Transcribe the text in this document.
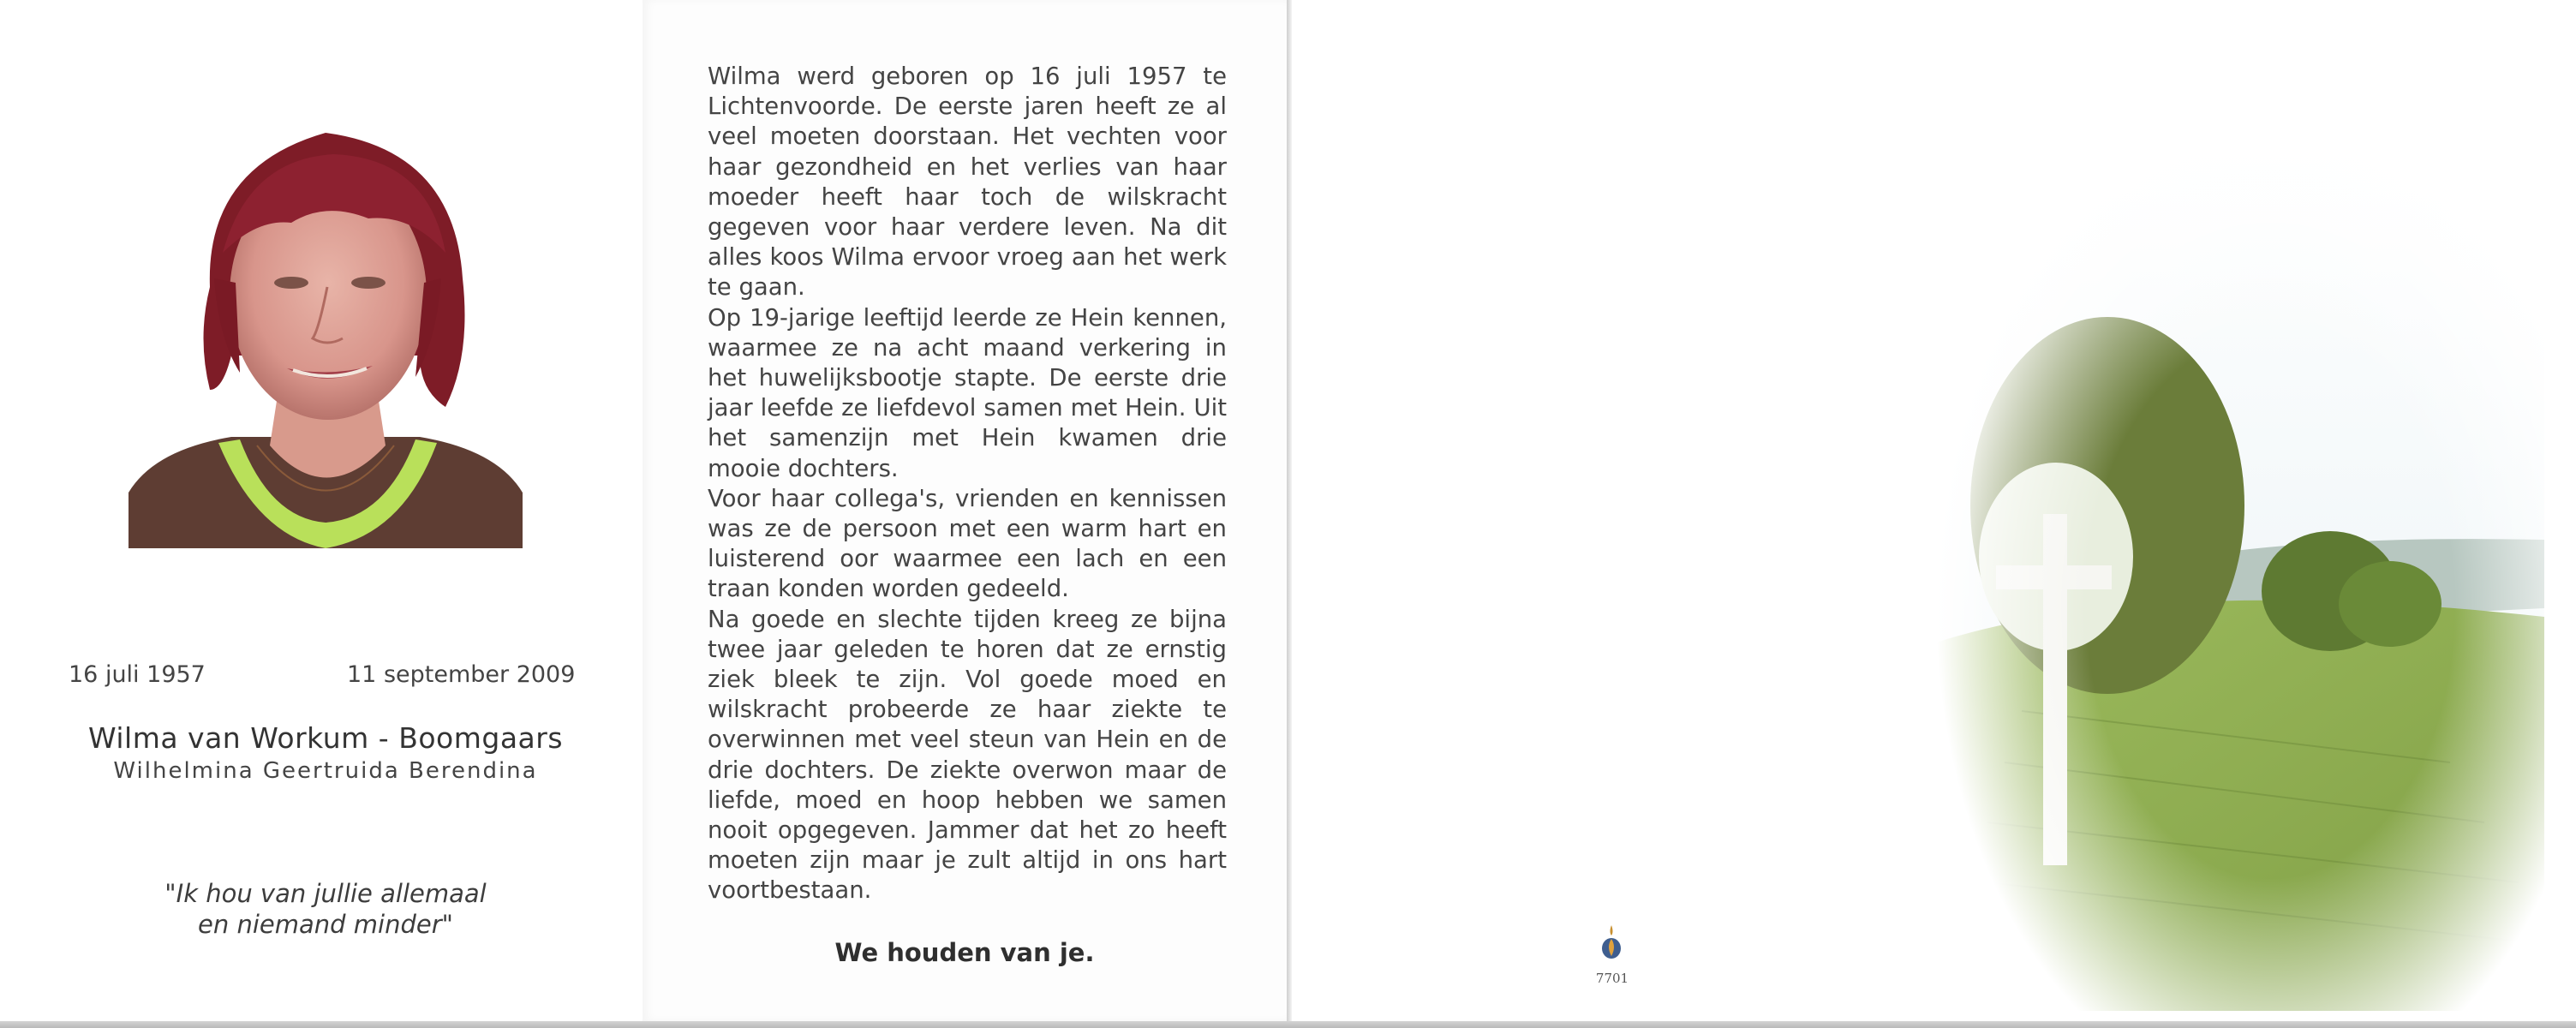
16 juli 1957	11 september 2009
Wilma van Workum - Boomgaars
Wilhelmina Geertruida Berendina
"Ik hou van jullie allemaal
en niemand minder"

Wilma werd geboren op 16 juli 1957 te Lichtenvoorde. De eerste jaren heeft ze al veel moeten doorstaan. Het vechten voor haar gezondheid en het verlies van haar moeder heeft haar toch de wilskracht gegeven voor haar verdere leven. Na dit alles koos Wilma ervoor vroeg aan het werk te gaan.

Op 19-jarige leeftijd leerde ze Hein kennen, waarmee ze na acht maand verkering in het huwelijksbootje stapte. De eerste drie jaar leefde ze liefdevol samen met Hein. Uit het samenzijn met Hein kwamen drie mooie dochters.

Voor haar collega's, vrienden en kennissen was ze de persoon met een warm hart en luisterend oor waarmee een lach en een traan konden worden gedeeld.

Na goede en slechte tijden kreeg ze bijna twee jaar geleden te horen dat ze ernstig ziek bleek te zijn. Vol goede moed en wilskracht probeerde ze haar ziekte te overwinnen met veel steun van Hein en de drie dochters. De ziekte overwon maar de liefde, moed en hoop hebben we samen nooit opgegeven. Jammer dat het zo heeft moeten zijn maar je zult altijd in ons hart voortbestaan.

We houden van je.
7701
